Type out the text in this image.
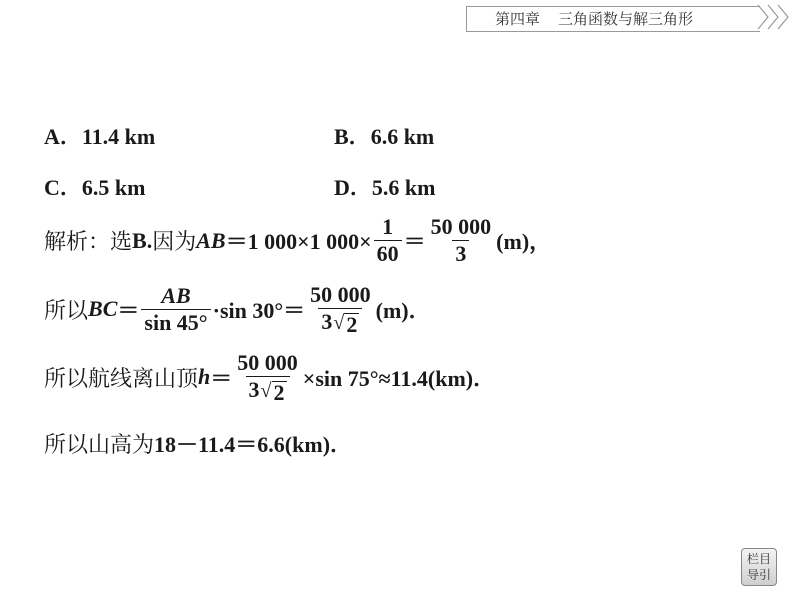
第四章 三角函数与解三角形
A．11.4 km	B．6.6 km
C．6.5 km	D．5.6 km
解析：选 B. 因为 AB ＝1 000×1 $000\times \frac{1}{60} = \frac{50 000}{3} (m)$，
所以 BC ＝ $\frac{AB}{\sin 45^\circ} \cdot\sin$ $30^\circ= \frac{50 000}{3 √ 2} (m)$．
所以航线离山顶 $h = \frac{50 000}{3 √ 2} \times\sin$ 75°≈11.4(km)．
所以山高为 18－11.4＝6.6(km)．
栏目
导引
